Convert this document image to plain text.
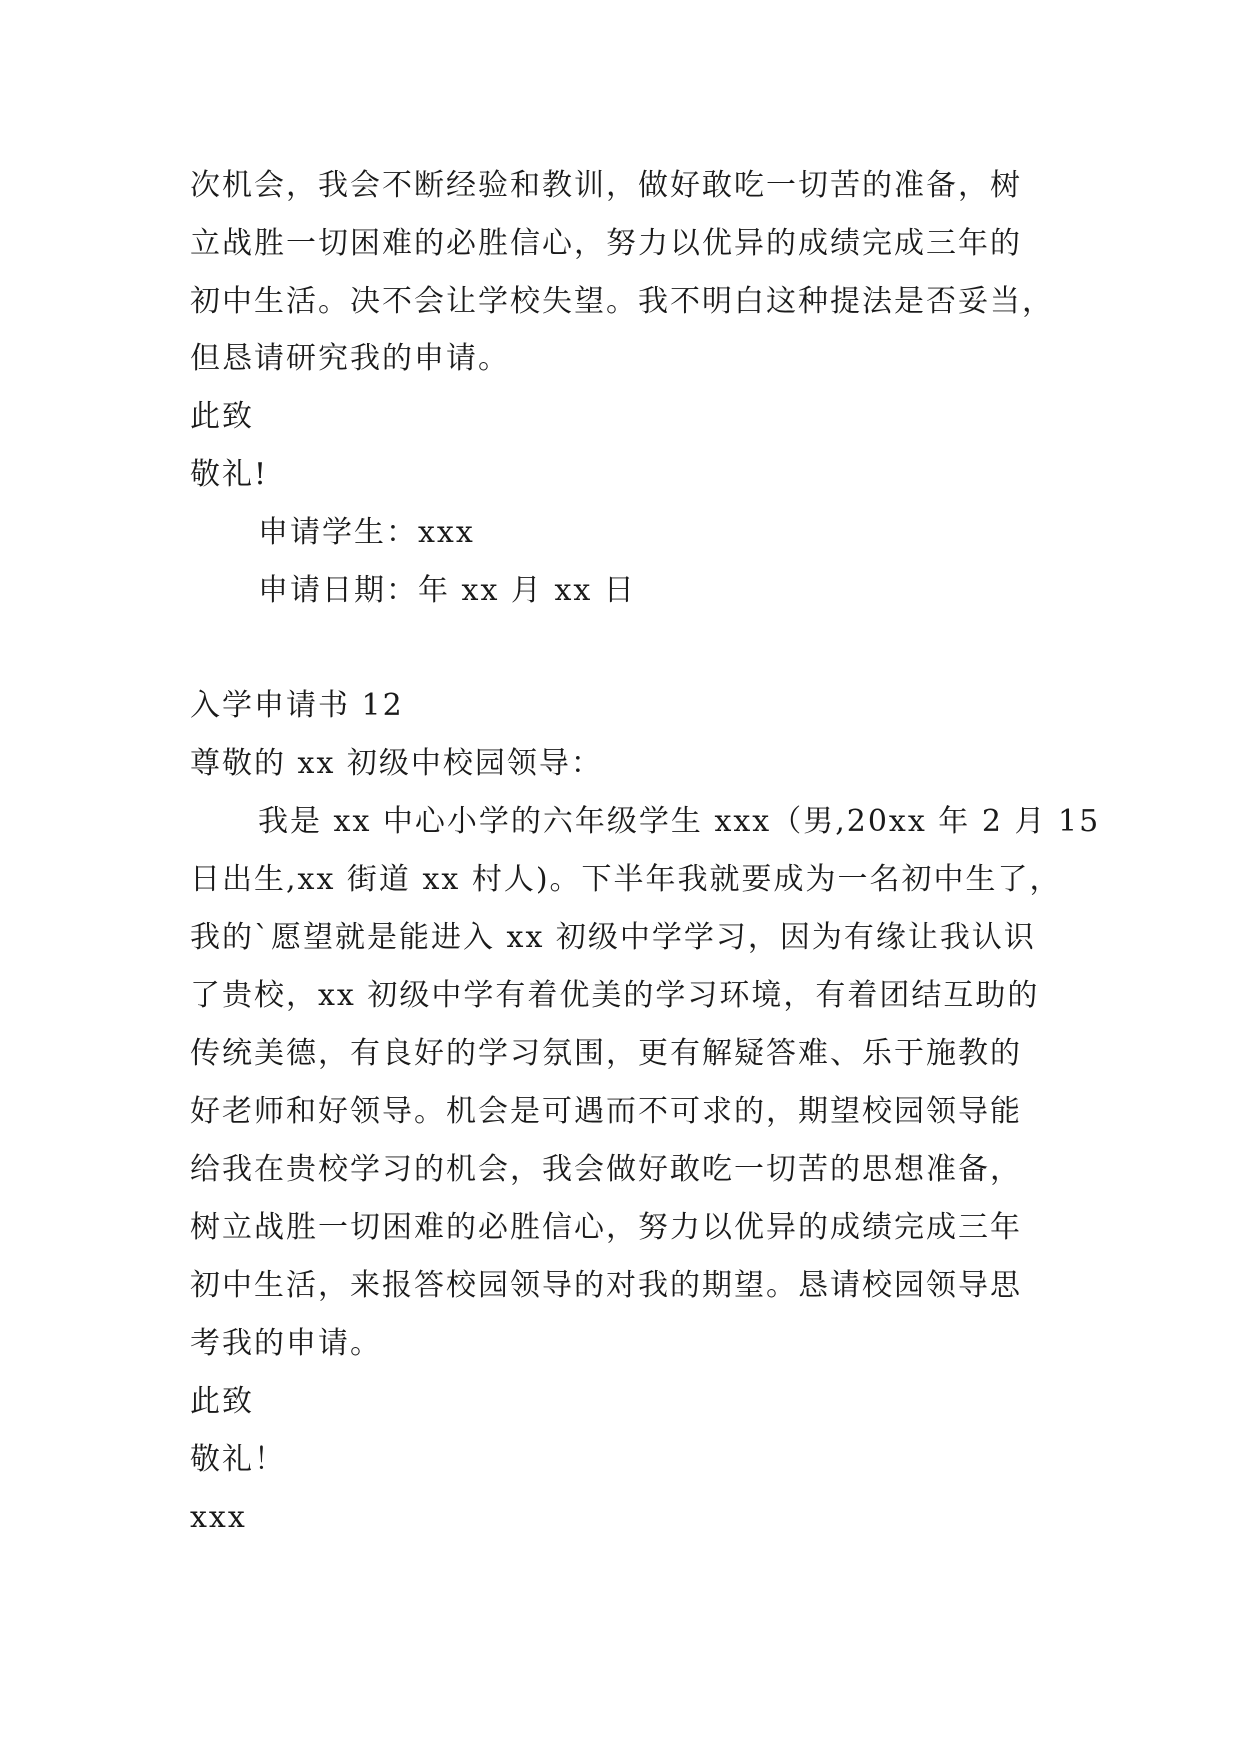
次机会，我会不断经验和教训，做好敢吃一切苦的准备，树
立战胜一切困难的必胜信心，努力以优异的成绩完成三年的
初中生活。决不会让学校失望。我不明白这种提法是否妥当，
但恳请研究我的申请。
此致
敬礼!
申请学生：xxx
申请日期：年 xx 月 xx 日
入学申请书 12
尊敬的 xx 初级中校园领导：
我是 xx 中心小学的六年级学生 xxx（男,20xx 年 2 月 15
日出生,xx 街道 xx 村人)。下半年我就要成为一名初中生了，
我的`愿望就是能进入 xx 初级中学学习，因为有缘让我认识
了贵校，xx 初级中学有着优美的学习环境，有着团结互助的
传统美德，有良好的学习氛围，更有解疑答难、乐于施教的
好老师和好领导。机会是可遇而不可求的，期望校园领导能
给我在贵校学习的机会，我会做好敢吃一切苦的思想准备，
树立战胜一切困难的必胜信心，努力以优异的成绩完成三年
初中生活，来报答校园领导的对我的期望。恳请校园领导思
考我的申请。
此致
敬礼！
xxx
